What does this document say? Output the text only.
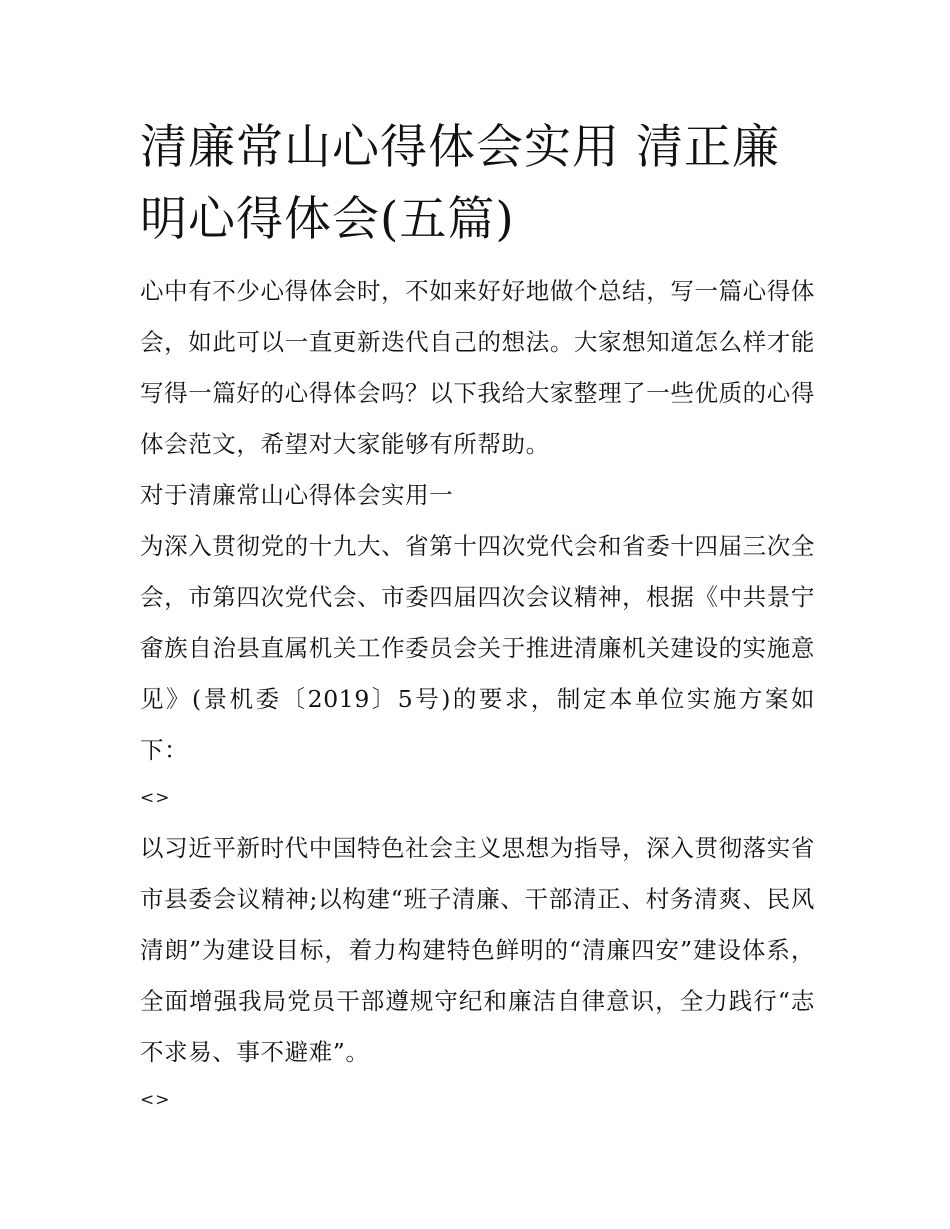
清廉常山心得体会实用 清正廉明心得体会(五篇)

心中有不少心得体会时，不如来好好地做个总结，写一篇心得体会，如此可以一直更新迭代自己的想法。大家想知道怎么样才能写得一篇好的心得体会吗？以下我给大家整理了一些优质的心得体会范文，希望对大家能够有所帮助。

对于清廉常山心得体会实用一

为深入贯彻党的十九大、省第十四次党代会和省委十四届三次全会，市第四次党代会、市委四届四次会议精神，根据《中共景宁畲族自治县直属机关工作委员会关于推进清廉机关建设的实施意见》(景机委〔2019〕5号)的要求，制定本单位实施方案如下：

<>

以习近平新时代中国特色社会主义思想为指导，深入贯彻落实省市县委会议精神;以构建“班子清廉、干部清正、村务清爽、民风清朗”为建设目标，着力构建特色鲜明的“清廉四安”建设体系，全面增强我局党员干部遵规守纪和廉洁自律意识，全力践行“志不求易、事不避难”。

<>
